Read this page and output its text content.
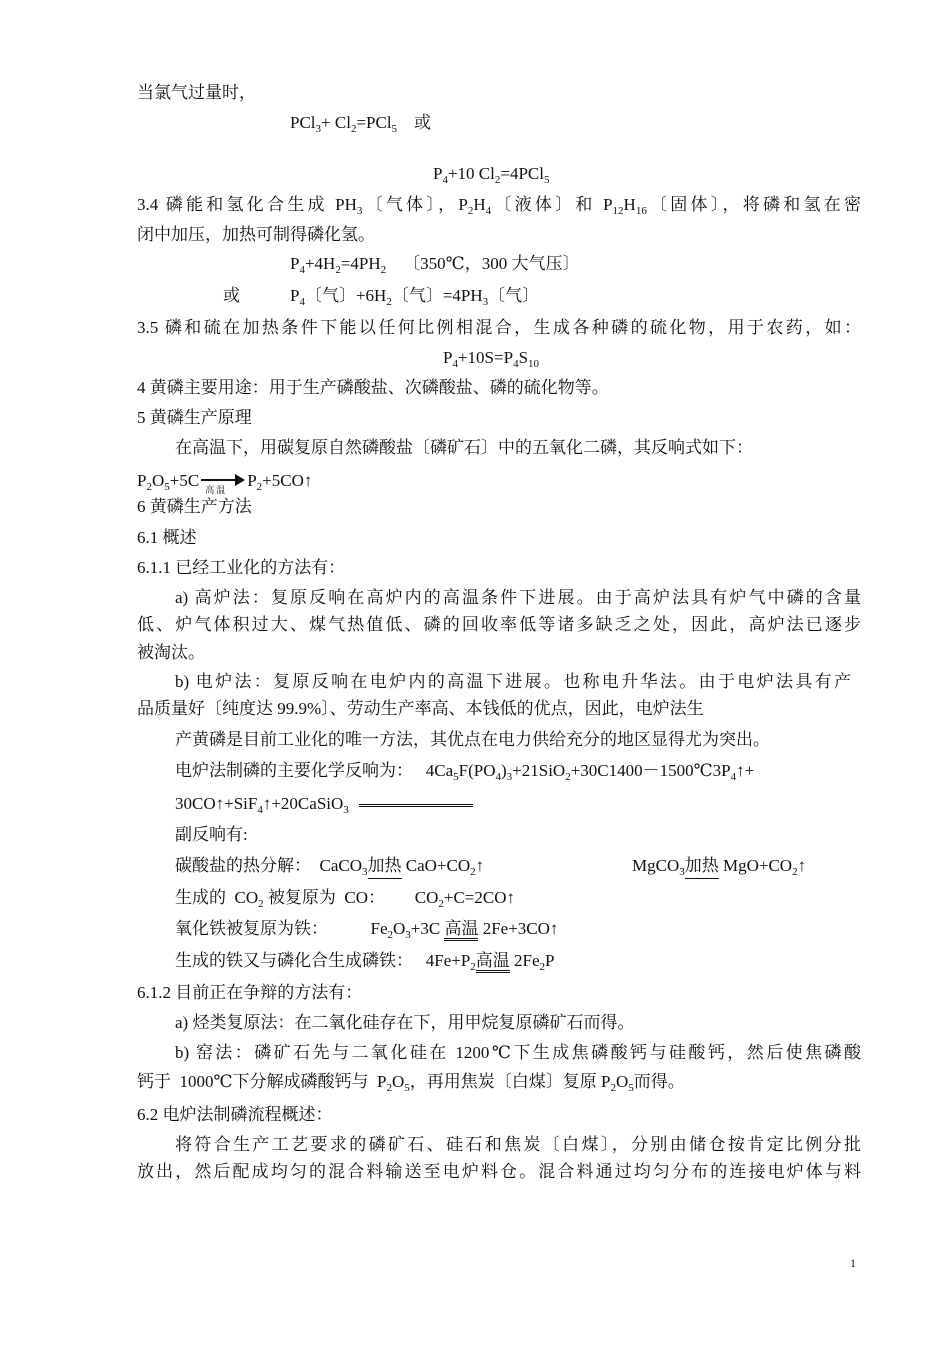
当氯气过量时，
$PCl_3+ Cl_2=PCl_5$    或
$P_4+10$ $Cl_2=4PCl_5$
3.4 磷能和氢化合生成 $PH_3$〔气体〕，$P_2H_4$〔液体〕和 $P_{12}H_{16}$〔固体〕，将磷和氢在密
闭中加压，加热可制得磷化氢。
$P_4+4H_2=4PH_2$    〔350℃，300 大气压〕
或	$P_4$〔气〕$+6H_2$〔气〕$=4PH_3$〔气〕
3.5 磷和硫在加热条件下能以任何比例相混合，生成各种磷的硫化物，用于农药，如：
$P_4+10S=P_4S_{10}$
4 黄磷主要用途：用于生产磷酸盐、次磷酸盐、磷的硫化物等。
5 黄磷生产原理
在高温下，用碳复原自然磷酸盐〔磷矿石〕中的五氧化二磷，其反响式如下：
$P_2O_5+5C$
高温
$P_2+5CO↑$
6 黄磷生产方法
6.1 概述
6.1.1 已经工业化的方法有：
a) 高炉法：复原反响在高炉内的高温条件下进展。由于高炉法具有炉气中磷的含量
低、炉气体积过大、煤气热值低、磷的回收率低等诸多缺乏之处，因此，高炉法已逐步
被淘汰。
b) 电炉法：复原反响在电炉内的高温下进展。也称电升华法。由于电炉法具有产
品质量好〔纯度达 99.9%〕、劳动生产率高、本钱低的优点，因此，电炉法生
产黄磷是目前工业化的唯一方法，其优点在电力供给充分的地区显得尤为突出。
电炉法制磷的主要化学反响为：   $4Ca_5F(PO_4)_3+21SiO_2+30C1400-1500℃3P_4↑+$
30CO↑+SiF$_4$↑+20CaSiO$_3$
副反响有:
碳酸盐的热分解：  CaCO$_3$加热 $CaO+CO_2↑$	MgCO$_3$加热 $MgO+CO_2↑$
生成的  $CO_2$ 被复原为  CO：       $CO_2+C=2CO↑$
氧化铁被复原为铁：          $Fe_2O_3+3C$ 高温 2Fe+3CO↑
生成的铁又与磷化合生成磷铁：   $4Fe+P_2$高温 $2Fe_2P$
6.1.2 目前正在争辩的方法有：
a) 烃类复原法：在二氧化硅存在下，用甲烷复原磷矿石而得。
b) 窑法：磷矿石先与二氧化硅在 1200℃下生成焦磷酸钙与硅酸钙，然后使焦磷酸
钙于  1000℃下分解成磷酸钙与  $P_2O_5$，再用焦炭〔白煤〕复原 $P_2O_5$而得。
6.2 电炉法制磷流程概述：
将符合生产工艺要求的磷矿石、硅石和焦炭〔白煤〕，分别由储仓按肯定比例分批
放出，然后配成均匀的混合料输送至电炉料仓。混合料通过均匀分布的连接电炉体与料
1
